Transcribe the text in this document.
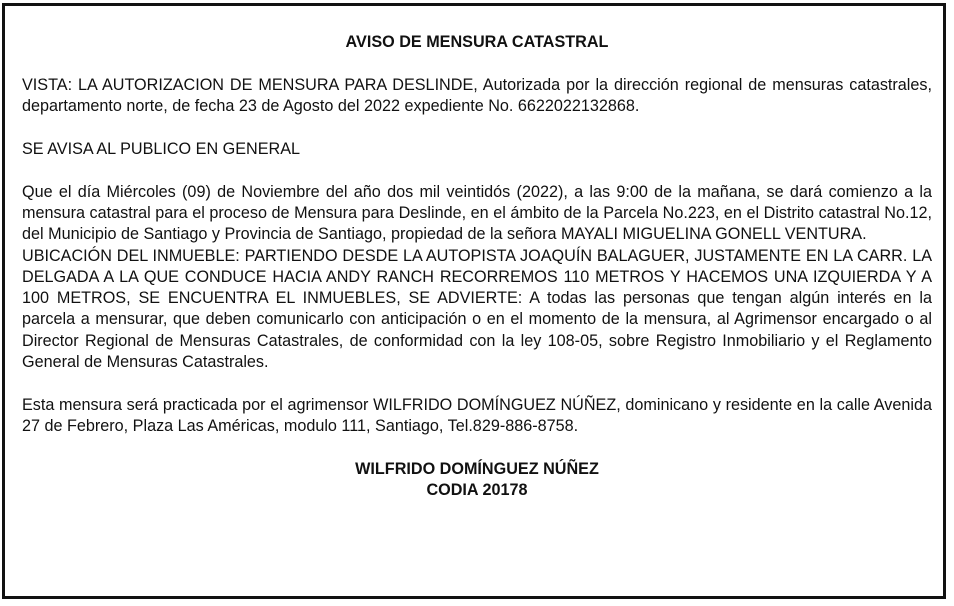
AVISO DE MENSURA CATASTRAL

VISTA: LA AUTORIZACION DE MENSURA PARA DESLINDE, Autorizada por la dirección regional de mensuras catastrales, departamento norte, de fecha 23 de Agosto del 2022 expediente No. 6622022132868.

SE AVISA AL PUBLICO EN GENERAL

Que el día Miércoles (09) de Noviembre del año dos mil veintidós (2022), a las 9:00 de la mañana, se dará comienzo a la mensura catastral para el proceso de Mensura para Deslinde, en el ámbito de la Parcela No.223, en el Distrito catastral No.12, del Municipio de Santiago y Provincia de Santiago, propiedad de la señora MAYALI MIGUELINA GONELL VENTURA.

UBICACIÓN DEL INMUEBLE: PARTIENDO DESDE LA AUTOPISTA JOAQUÍN BALAGUER, JUSTAMENTE EN LA CARR. LA DELGADA A LA QUE CONDUCE HACIA ANDY RANCH RECORREMOS 110 METROS Y HACEMOS UNA IZQUIERDA Y A 100 METROS, SE ENCUENTRA EL INMUEBLES, SE ADVIERTE: A todas las personas que tengan algún interés en la parcela a mensurar, que deben comunicarlo con anticipación o en el momento de la mensura, al Agrimensor encargado o al Director Regional de Mensuras Catastrales, de conformidad con la ley 108-05, sobre Registro Inmobiliario y el Reglamento General de Mensuras Catastrales.

Esta mensura será practicada por el agrimensor WILFRIDO DOMÍNGUEZ NÚÑEZ, dominicano y residente en la calle Avenida 27 de Febrero, Plaza Las Américas, modulo 111, Santiago, Tel.829-886-8758.

WILFRIDO DOMÍNGUEZ NÚÑEZ

CODIA 20178
